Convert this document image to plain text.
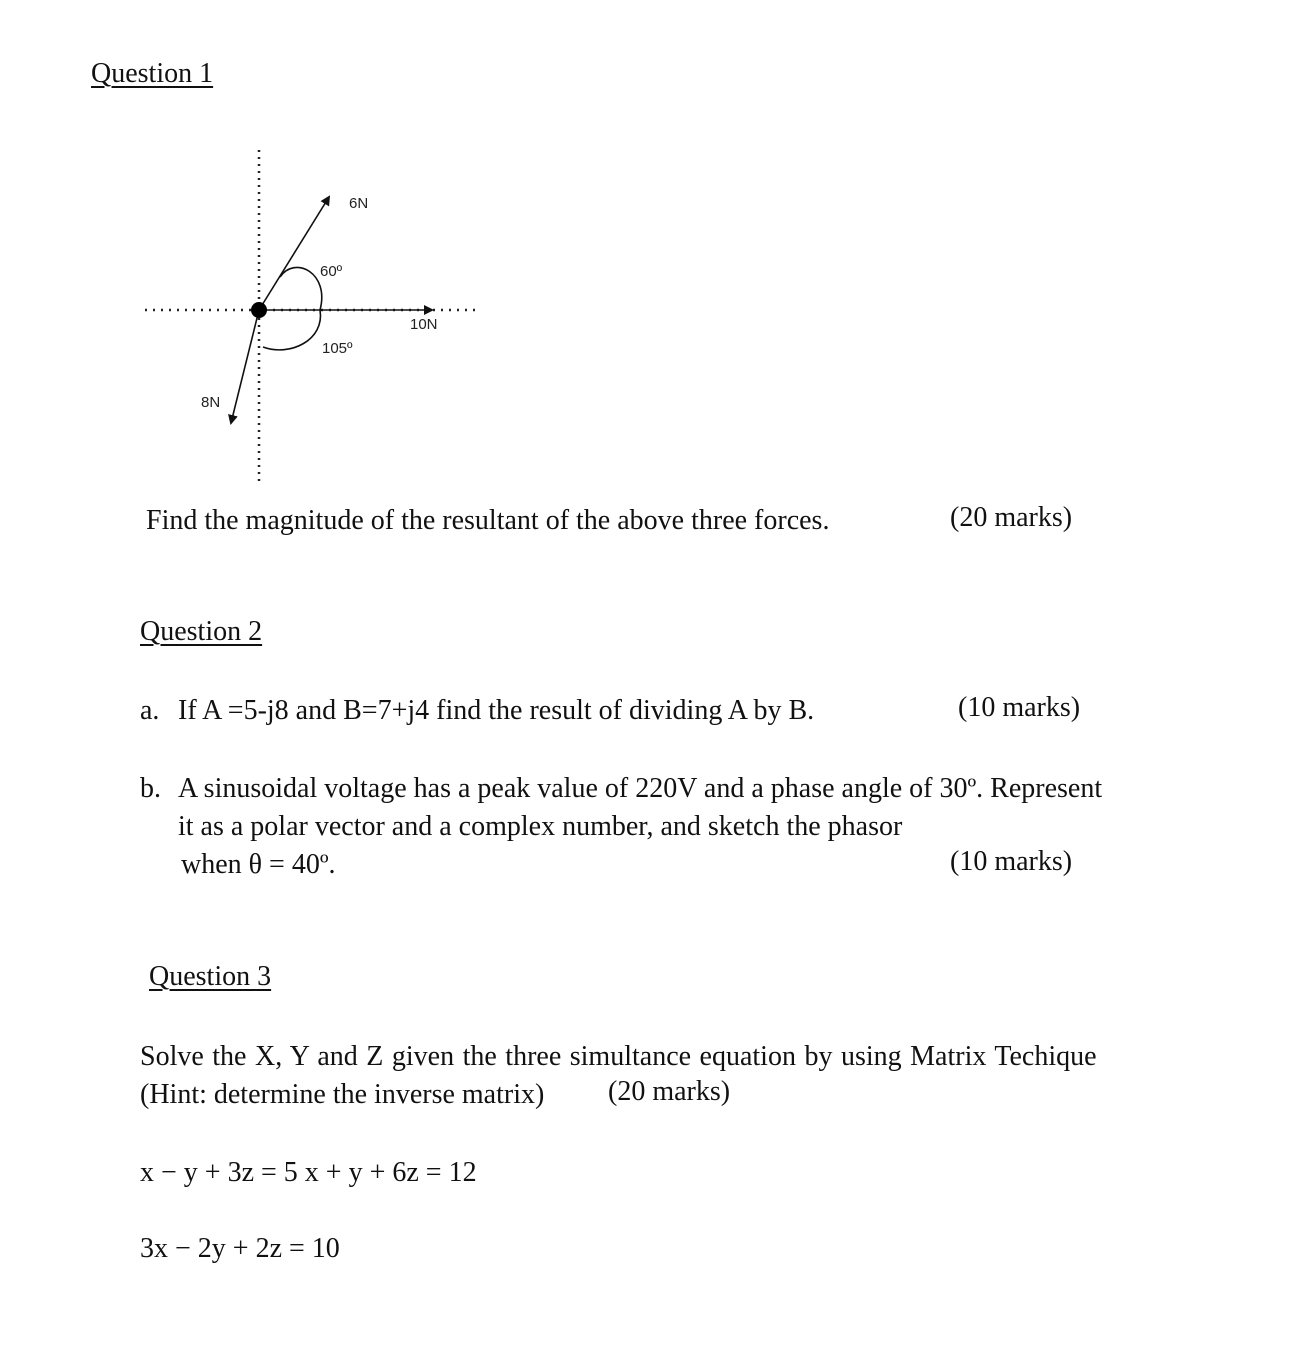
Question 1
6N
60º
10N
105º
8N
Find the magnitude of the resultant of the above three forces.	(20 marks)
Question 2
a. If A =5-j8 and B=7+j4 find the result of dividing A by B.	(10 marks)
b. A sinusoidal voltage has a peak value of 220V and a phase angle of 30º. Represent
it as a polar vector and a complex number, and sketch the phasor
when θ = 40º.	(10 marks)
Question 3
Solve the X, Y and Z given the three simultance equation by using Matrix Techique
(Hint: determine the inverse matrix) (20 marks)
x − y + 3z = 5 x + y + 6z = 12
3x − 2y + 2z = 10
